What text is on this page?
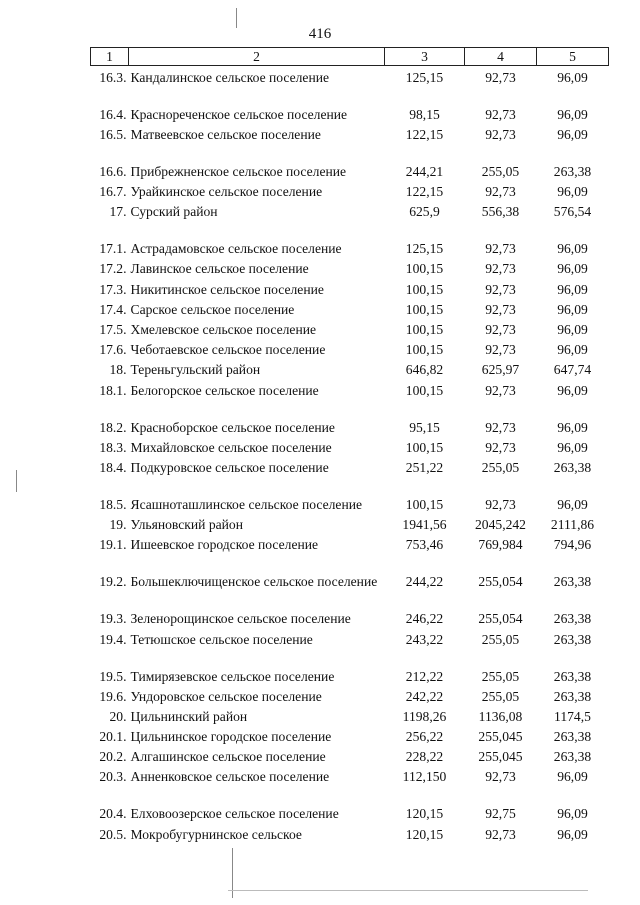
416
1	2	3	4	5
16.3.	Кандалинское сельское поселение	125,15	92,73	96,09
16.4.	Краснореченское сельское поселение	98,15	92,73	96,09
16.5.	Матвеевское сельское поселение	122,15	92,73	96,09
16.6.	Прибрежненское сельское поселение	244,21	255,05	263,38
16.7.	Урайкинское сельское поселение	122,15	92,73	96,09
17.	Сурский район	625,9	556,38	576,54
17.1.	Астрадамовское сельское поселение	125,15	92,73	96,09
17.2.	Лавинское сельское поселение	100,15	92,73	96,09
17.3.	Никитинское сельское поселение	100,15	92,73	96,09
17.4.	Сарское сельское поселение	100,15	92,73	96,09
17.5.	Хмелевское сельское поселение	100,15	92,73	96,09
17.6.	Чеботаевское сельское поселение	100,15	92,73	96,09
18.	Тереньгульский район	646,82	625,97	647,74
18.1.	Белогорское сельское поселение	100,15	92,73	96,09
18.2.	Красноборское сельское поселение	95,15	92,73	96,09
18.3.	Михайловское сельское поселение	100,15	92,73	96,09
18.4.	Подкуровское сельское поселение	251,22	255,05	263,38
18.5.	Ясашноташлинское сельское поселение	100,15	92,73	96,09
19.	Ульяновский район	1941,56	2045,242	2111,86
19.1.	Ишеевское городское поселение	753,46	769,984	794,96
19.2.	Большеключищенское сельское поселение	244,22	255,054	263,38
19.3.	Зеленорощинское сельское поселение	246,22	255,054	263,38
19.4.	Тетюшское сельское поселение	243,22	255,05	263,38
19.5.	Тимирязевское сельское поселение	212,22	255,05	263,38
19.6.	Ундоровское сельское поселение	242,22	255,05	263,38
20.	Цильнинский район	1198,26	1136,08	1174,5
20.1.	Цильнинское городское поселение	256,22	255,045	263,38
20.2.	Алгашинское сельское поселение	228,22	255,045	263,38
20.3.	Анненковское сельское поселение	112,150	92,73	96,09
20.4.	Елховоозерское сельское поселение	120,15	92,75	96,09
20.5.	Мокробугурнинское сельское	120,15	92,73	96,09
